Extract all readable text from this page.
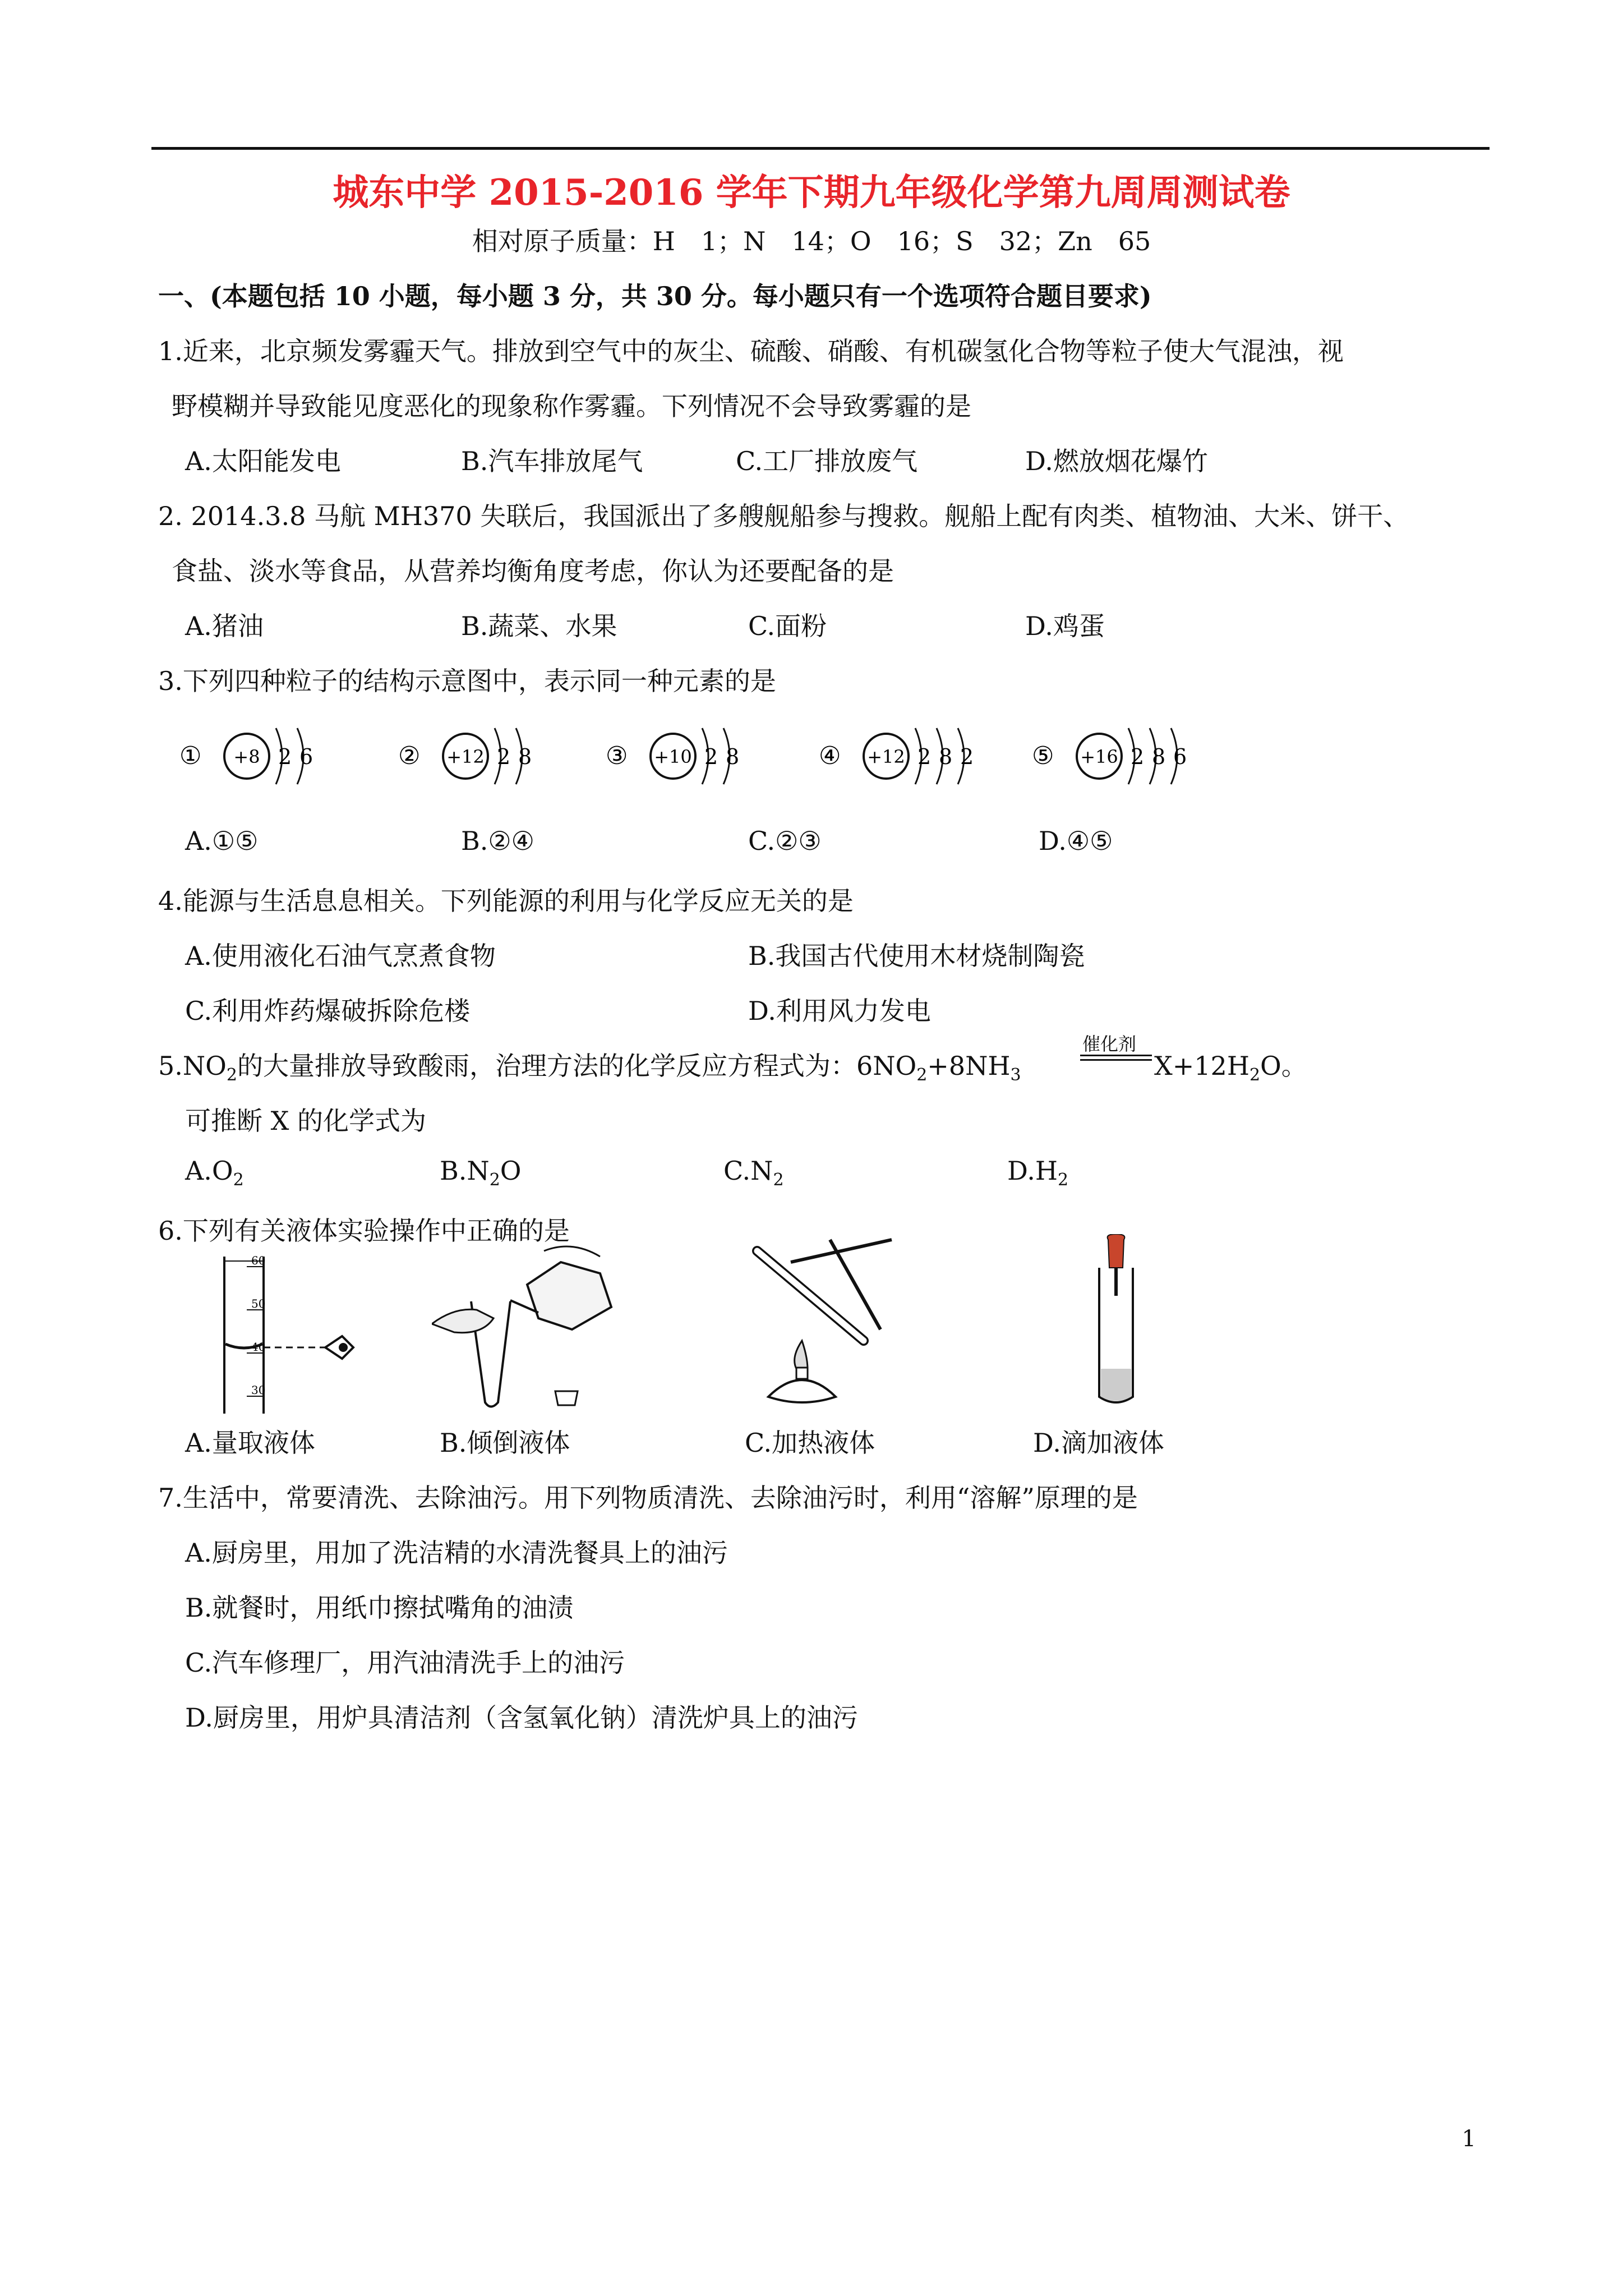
城东中学 2015-2016 学年下期九年级化学第九周周测试卷
相对原子质量：H　1；N　14；O　16；S　32；Zn　65
一、(本题包括 10 小题，每小题 3 分，共 30 分。每小题只有一个选项符合题目要求)
1.近来，北京频发雾霾天气。排放到空气中的灰尘、硫酸、硝酸、有机碳氢化合物等粒子使大气混浊，视
野模糊并导致能见度恶化的现象称作雾霾。下列情况不会导致雾霾的是
A.太阳能发电	B.汽车排放尾气	C.工厂排放废气	D.燃放烟花爆竹
2. 2014.3.8 马航 MH370 失联后，我国派出了多艘舰船参与搜救。舰船上配有肉类、植物油、大米、饼干、
食盐、淡水等食品，从营养均衡角度考虑，你认为还要配备的是
A.猪油	B.蔬菜、水果	C.面粉	D.鸡蛋
3.下列四种粒子的结构示意图中，表示同一种元素的是
① +8 2 6	② +12 2 8	③ +10 2 8	④ +12 2 8 2 ⑤ +16 2 8 6
A.①⑤	B.②④	C.②③	D.④⑤
4.能源与生活息息相关。下列能源的利用与化学反应无关的是
A.使用液化石油气烹煮食物	B.我国古代使用木材烧制陶瓷
C.利用炸药爆破拆除危楼	D.利用风力发电
$5.NO_2$的大量排放导致酸雨，治理方法的化学反应方程式为：$6NO_2+8NH_3$
催化剂
$X+12H_2O$。
可推断 X 的化学式为
$A.O_2$	$B.N_2O$	$C.N_2$	$D.H_2$
6.下列有关液体实验操作中正确的是
60
50
40
30
A.量取液体	B.倾倒液体	C.加热液体	D.滴加液体
7.生活中，常要清洗、去除油污。用下列物质清洗、去除油污时，利用“溶解”原理的是
A.厨房里，用加了洗洁精的水清洗餐具上的油污
B.就餐时，用纸巾擦拭嘴角的油渍
C.汽车修理厂，用汽油清洗手上的油污
D.厨房里，用炉具清洁剂（含氢氧化钠）清洗炉具上的油污
1
